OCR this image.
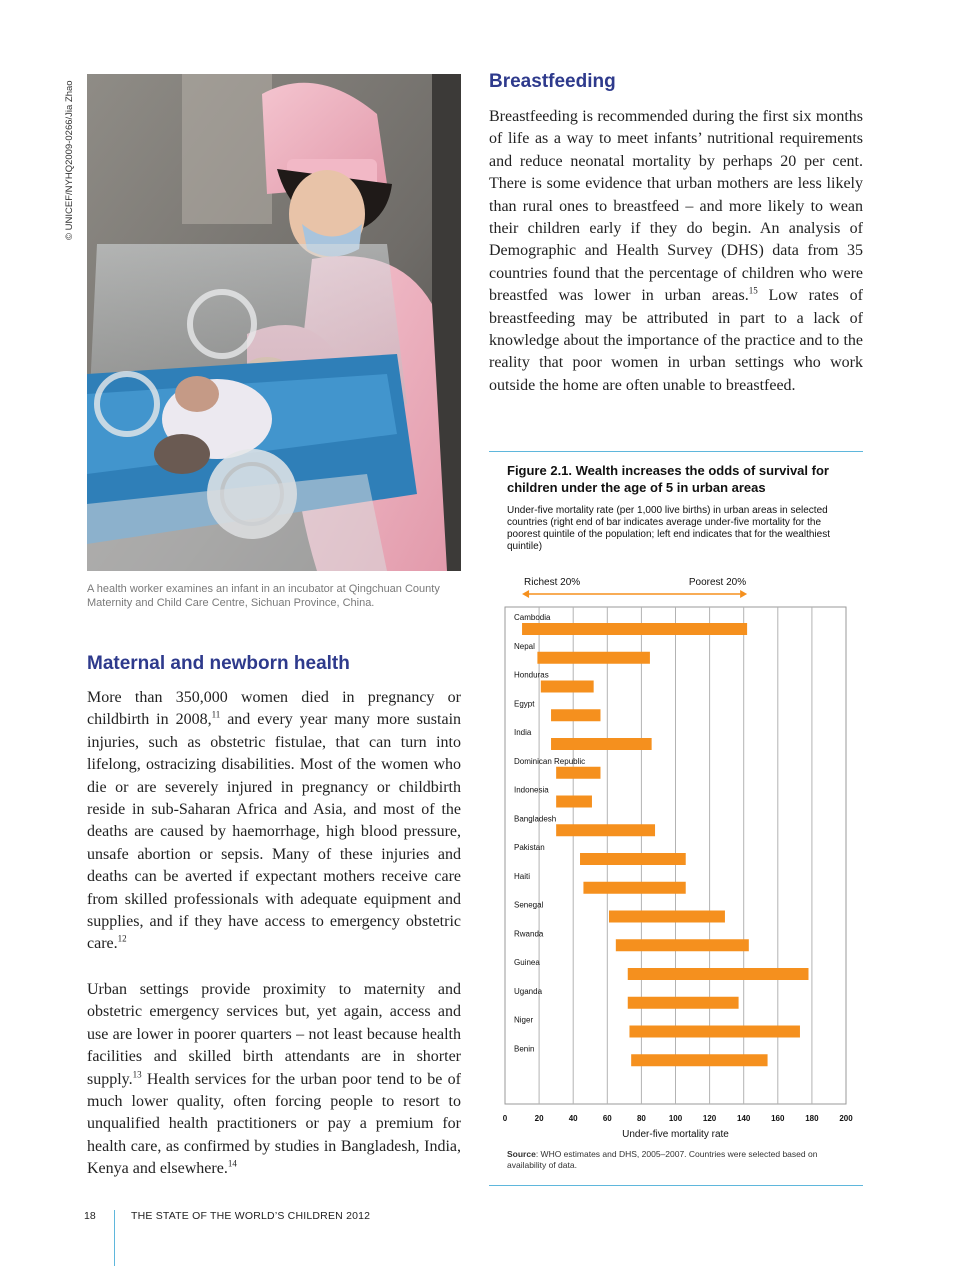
© UNICEF/NYHQ2009-0266/Jia Zhao
A health worker examines an infant in an incubator at Qingchuan County Maternity and Child Care Centre, Sichuan Province, China.
Maternal and newborn health
More than 350,000 women died in pregnancy or childbirth in 2008,11 and every year many more sustain injuries, such as obstetric fistulae, that can turn into lifelong, ostracizing disabilities. Most of the women who die or are severely injured in pregnancy or childbirth reside in sub-Saharan Africa and Asia, and most of the deaths are caused by haemorrhage, high blood pressure, unsafe abortion or sepsis. Many of these injuries and deaths can be averted if expectant mothers receive care from skilled professionals with adequate equipment and supplies, and if they have access to emergency obstetric care.$^{12}$
Urban settings provide proximity to maternity and obstetric emergency services but, yet again, access and use are lower in poorer quarters – not least because health facilities and skilled birth attendants are in shorter supply.$^{13}$ Health services for the urban poor tend to be of much lower quality, often forcing people to resort to unqualified health practitioners or pay a premium for health care, as confirmed by studies in Bangladesh, India, Kenya and elsewhere.$^{14}$
Breastfeeding
Breastfeeding is recommended during the first six months of life as a way to meet infants’ nutritional requirements and reduce neonatal mortality by perhaps 20 per cent. There is some evidence that urban mothers are less likely than rural ones to breastfeed – and more likely to wean their children early if they do begin. An analysis of Demographic and Health Survey (DHS) data from 35 countries found that the percentage of children who were breastfed was lower in urban areas.$^{15}$ Low rates of breastfeeding may be attributed in part to a lack of knowledge about the importance of the practice and to the reality that poor women in urban settings who work outside the home are often unable to breastfeed.
Figure 2.1. Wealth increases the odds of survival for children under the age of 5 in urban areas
Under-five mortality rate (per 1,000 live births) in urban areas in selected countries (right end of bar indicates average under-five mortality for the poorest quintile of the population; left end indicates that for the wealthiest quintile)
0	20	40	60	80	100	120	140	160	180	200
Under-five mortality rate
Richest 20%	Poorest 20%
Cambodia
Nepal
Honduras
Egypt
India
Dominican Republic
Indonesia
Bangladesh
Pakistan
Haiti
Senegal
Rwanda
Guinea
Uganda
Niger
Benin
Source: WHO estimates and DHS, 2005–2007. Countries were selected based on availability of data.
18	THE STATE OF THE WORLD’S CHILDREN 2012
